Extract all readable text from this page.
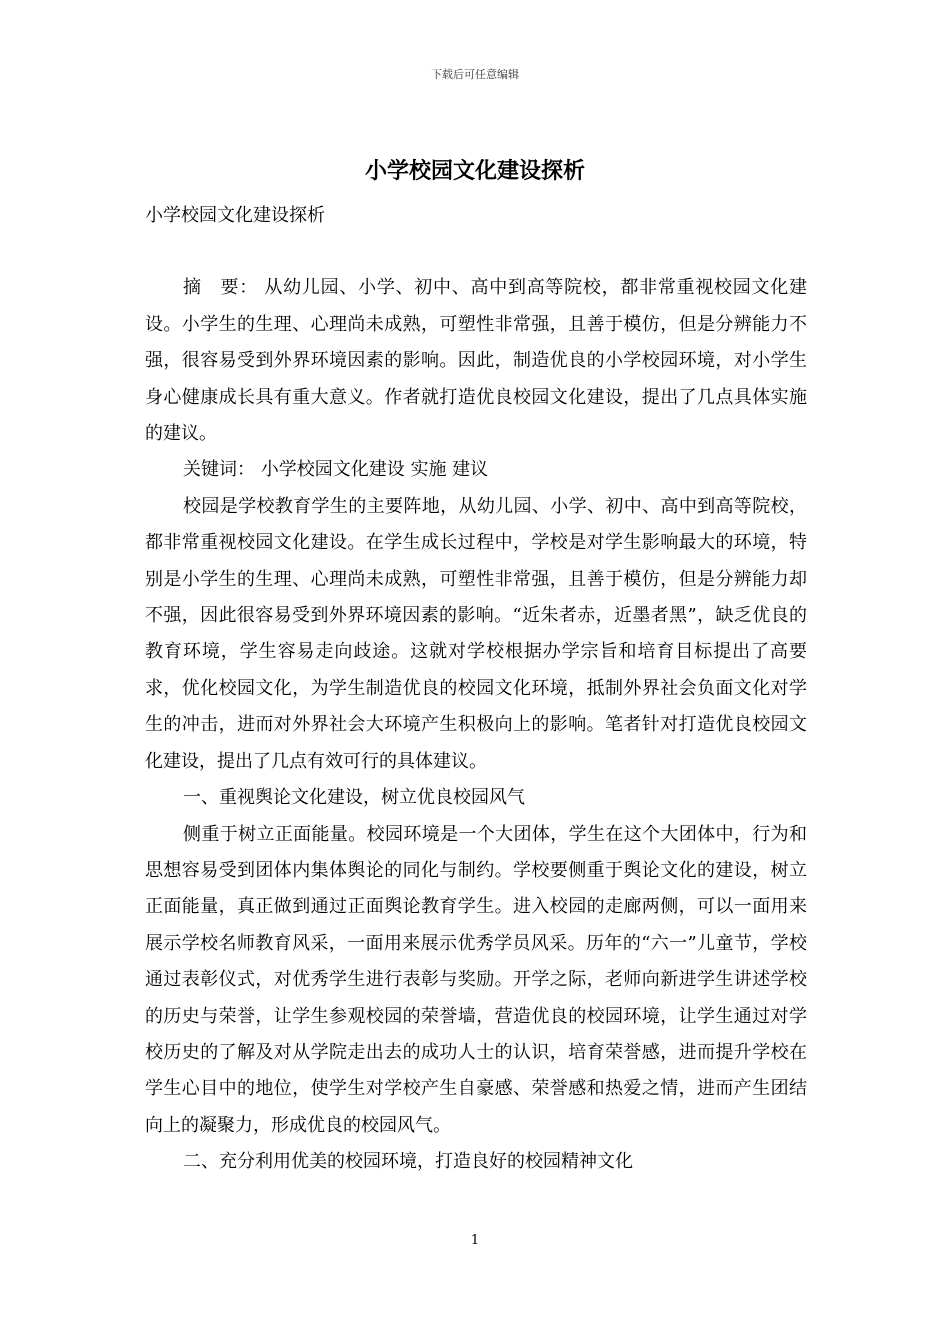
下载后可任意编辑
小学校园文化建设探析

小学校园文化建设探析

摘　要： 从幼儿园、小学、初中、高中到高等院校，都非常重视校园文化建设。小学生的生理、心理尚未成熟，可塑性非常强，且善于模仿，但是分辨能力不强，很容易受到外界环境因素的影响。因此，制造优良的小学校园环境，对小学生身心健康成长具有重大意义。作者就打造优良校园文化建设，提出了几点具体实施的建议。

关键词： 小学校园文化建设 实施 建议

校园是学校教育学生的主要阵地，从幼儿园、小学、初中、高中到高等院校，都非常重视校园文化建设。在学生成长过程中，学校是对学生影响最大的环境，特别是小学生的生理、心理尚未成熟，可塑性非常强，且善于模仿，但是分辨能力却不强，因此很容易受到外界环境因素的影响。“近朱者赤，近墨者黑”，缺乏优良的教育环境，学生容易走向歧途。这就对学校根据办学宗旨和培育目标提出了高要求，优化校园文化，为学生制造优良的校园文化环境，抵制外界社会负面文化对学生的冲击，进而对外界社会大环境产生积极向上的影响。笔者针对打造优良校园文化建设，提出了几点有效可行的具体建议。

一、重视舆论文化建设，树立优良校园风气

侧重于树立正面能量。校园环境是一个大团体，学生在这个大团体中，行为和思想容易受到团体内集体舆论的同化与制约。学校要侧重于舆论文化的建设，树立正面能量，真正做到通过正面舆论教育学生。进入校园的走廊两侧，可以一面用来展示学校名师教育风采，一面用来展示优秀学员风采。历年的“六一”儿童节，学校通过表彰仪式，对优秀学生进行表彰与奖励。开学之际，老师向新进学生讲述学校的历史与荣誉，让学生参观校园的荣誉墙，营造优良的校园环境，让学生通过对学校历史的了解及对从学院走出去的成功人士的认识，培育荣誉感，进而提升学校在学生心目中的地位，使学生对学校产生自豪感、荣誉感和热爱之情，进而产生团结向上的凝聚力，形成优良的校园风气。

二、充分利用优美的校园环境，打造良好的校园精神文化

1
